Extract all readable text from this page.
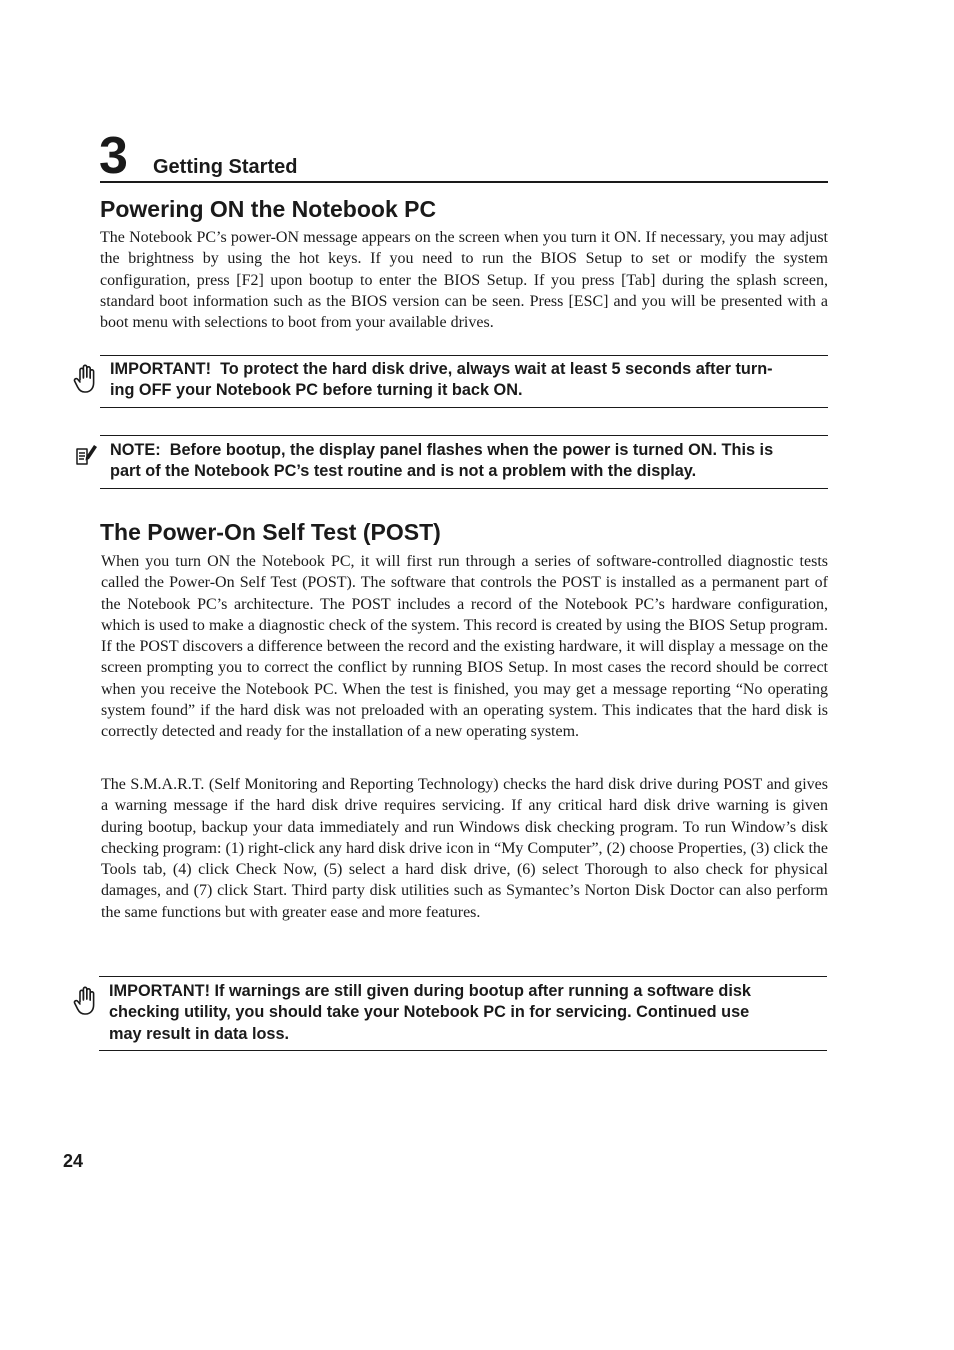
3 Getting Started
Powering ON the Notebook PC

The Notebook PC’s power-ON message appears on the screen when you turn it ON. If necessary, you may adjust the brightness by using the hot keys. If you need to run the BIOS Setup to set or modify the system configuration, press [F2] upon bootup to enter the BIOS Setup. If you press [Tab] during the splash screen, standard boot information such as the BIOS version can be seen. Press [ESC] and you will be presented with a boot menu with selections to boot from your available drives.

IMPORTANT! To protect the hard disk drive, always wait at least 5 seconds after turn-
ing OFF your Notebook PC before turning it back ON.
NOTE: Before bootup, the display panel flashes when the power is turned ON. This is
part of the Notebook PC’s test routine and is not a problem with the display.
The Power-On Self Test (POST)

When you turn ON the Notebook PC, it will first run through a series of software-controlled diagnostic tests called the Power-On Self Test (POST). The software that controls the POST is installed as a permanent part of the Notebook PC’s architecture. The POST includes a record of the Notebook PC’s hardware configuration, which is used to make a diagnostic check of the system. This record is created by using the BIOS Setup program. If the POST discovers a difference between the record and the existing hardware, it will display a message on the screen prompting you to correct the conflict by running BIOS Setup. In most cases the record should be correct when you receive the Notebook PC. When the test is finished, you may get a message reporting “No operating system found” if the hard disk was not preloaded with an operating system. This indicates that the hard disk is correctly detected and ready for the installation of a new operating system.

The S.M.A.R.T. (Self Monitoring and Reporting Technology) checks the hard disk drive during POST and gives a warning message if the hard disk drive requires servicing. If any critical hard disk drive warning is given during bootup, backup your data immediately and run Windows disk checking program. To run Window’s disk checking program: (1) right-click any hard disk drive icon in “My Computer”, (2) choose Properties, (3) click the Tools tab, (4) click Check Now, (5) select a hard disk drive, (6) select Thorough to also check for physical damages, and (7) click Start. Third party disk utilities such as Symantec’s Norton Disk Doctor can also perform the same functions but with greater ease and more features.

IMPORTANT! If warnings are still given during bootup after running a software disk
checking utility, you should take your Notebook PC in for servicing. Continued use
may result in data loss.
24
